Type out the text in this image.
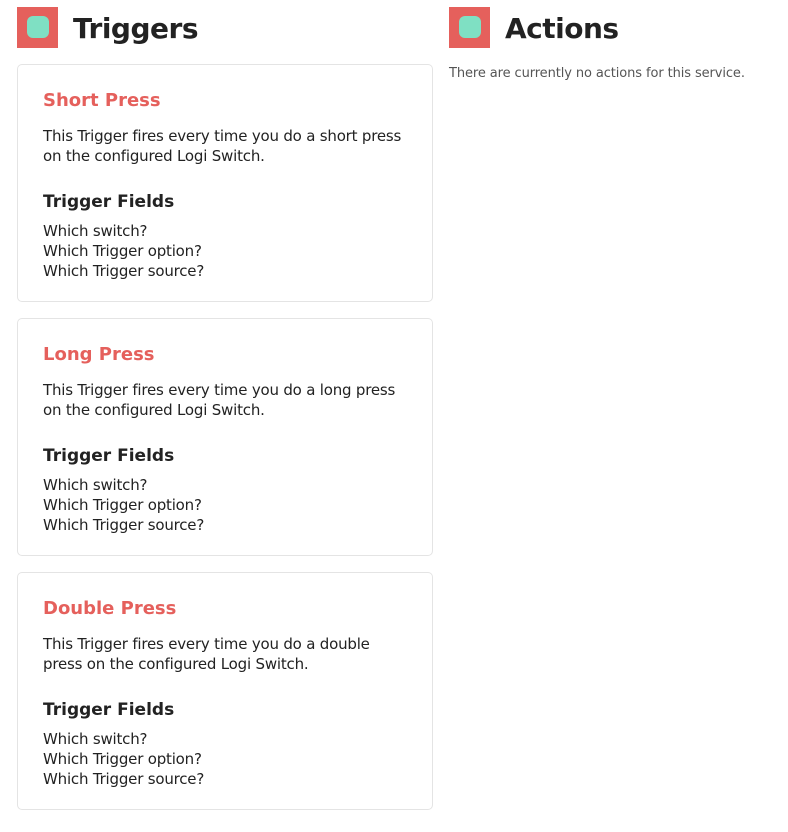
Triggers
Short Press
This Trigger fires every time you do a short press on the configured Logi Switch.
Trigger Fields
Which switch?
Which Trigger option?
Which Trigger source?
Long Press
This Trigger fires every time you do a long press on the configured Logi Switch.
Trigger Fields
Which switch?
Which Trigger option?
Which Trigger source?
Double Press
This Trigger fires every time you do a double press on the configured Logi Switch.
Trigger Fields
Which switch?
Which Trigger option?
Which Trigger source?
Actions
There are currently no actions for this service.
